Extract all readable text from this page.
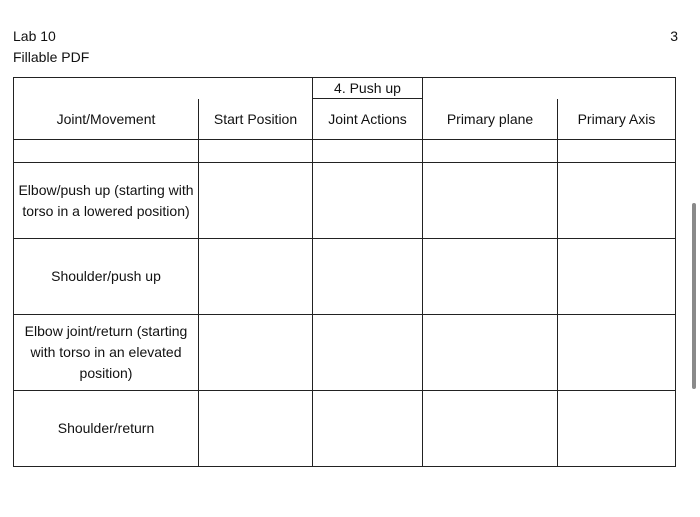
Lab 10
Fillable PDF
3
		4. Push up		
Joint/Movement	Start Position	Joint Actions	Primary plane	Primary Axis

Elbow/push up (starting with torso in a lowered position)				
Shoulder/push up				
Elbow joint/return (starting with torso in an elevated position)				
Shoulder/return				
